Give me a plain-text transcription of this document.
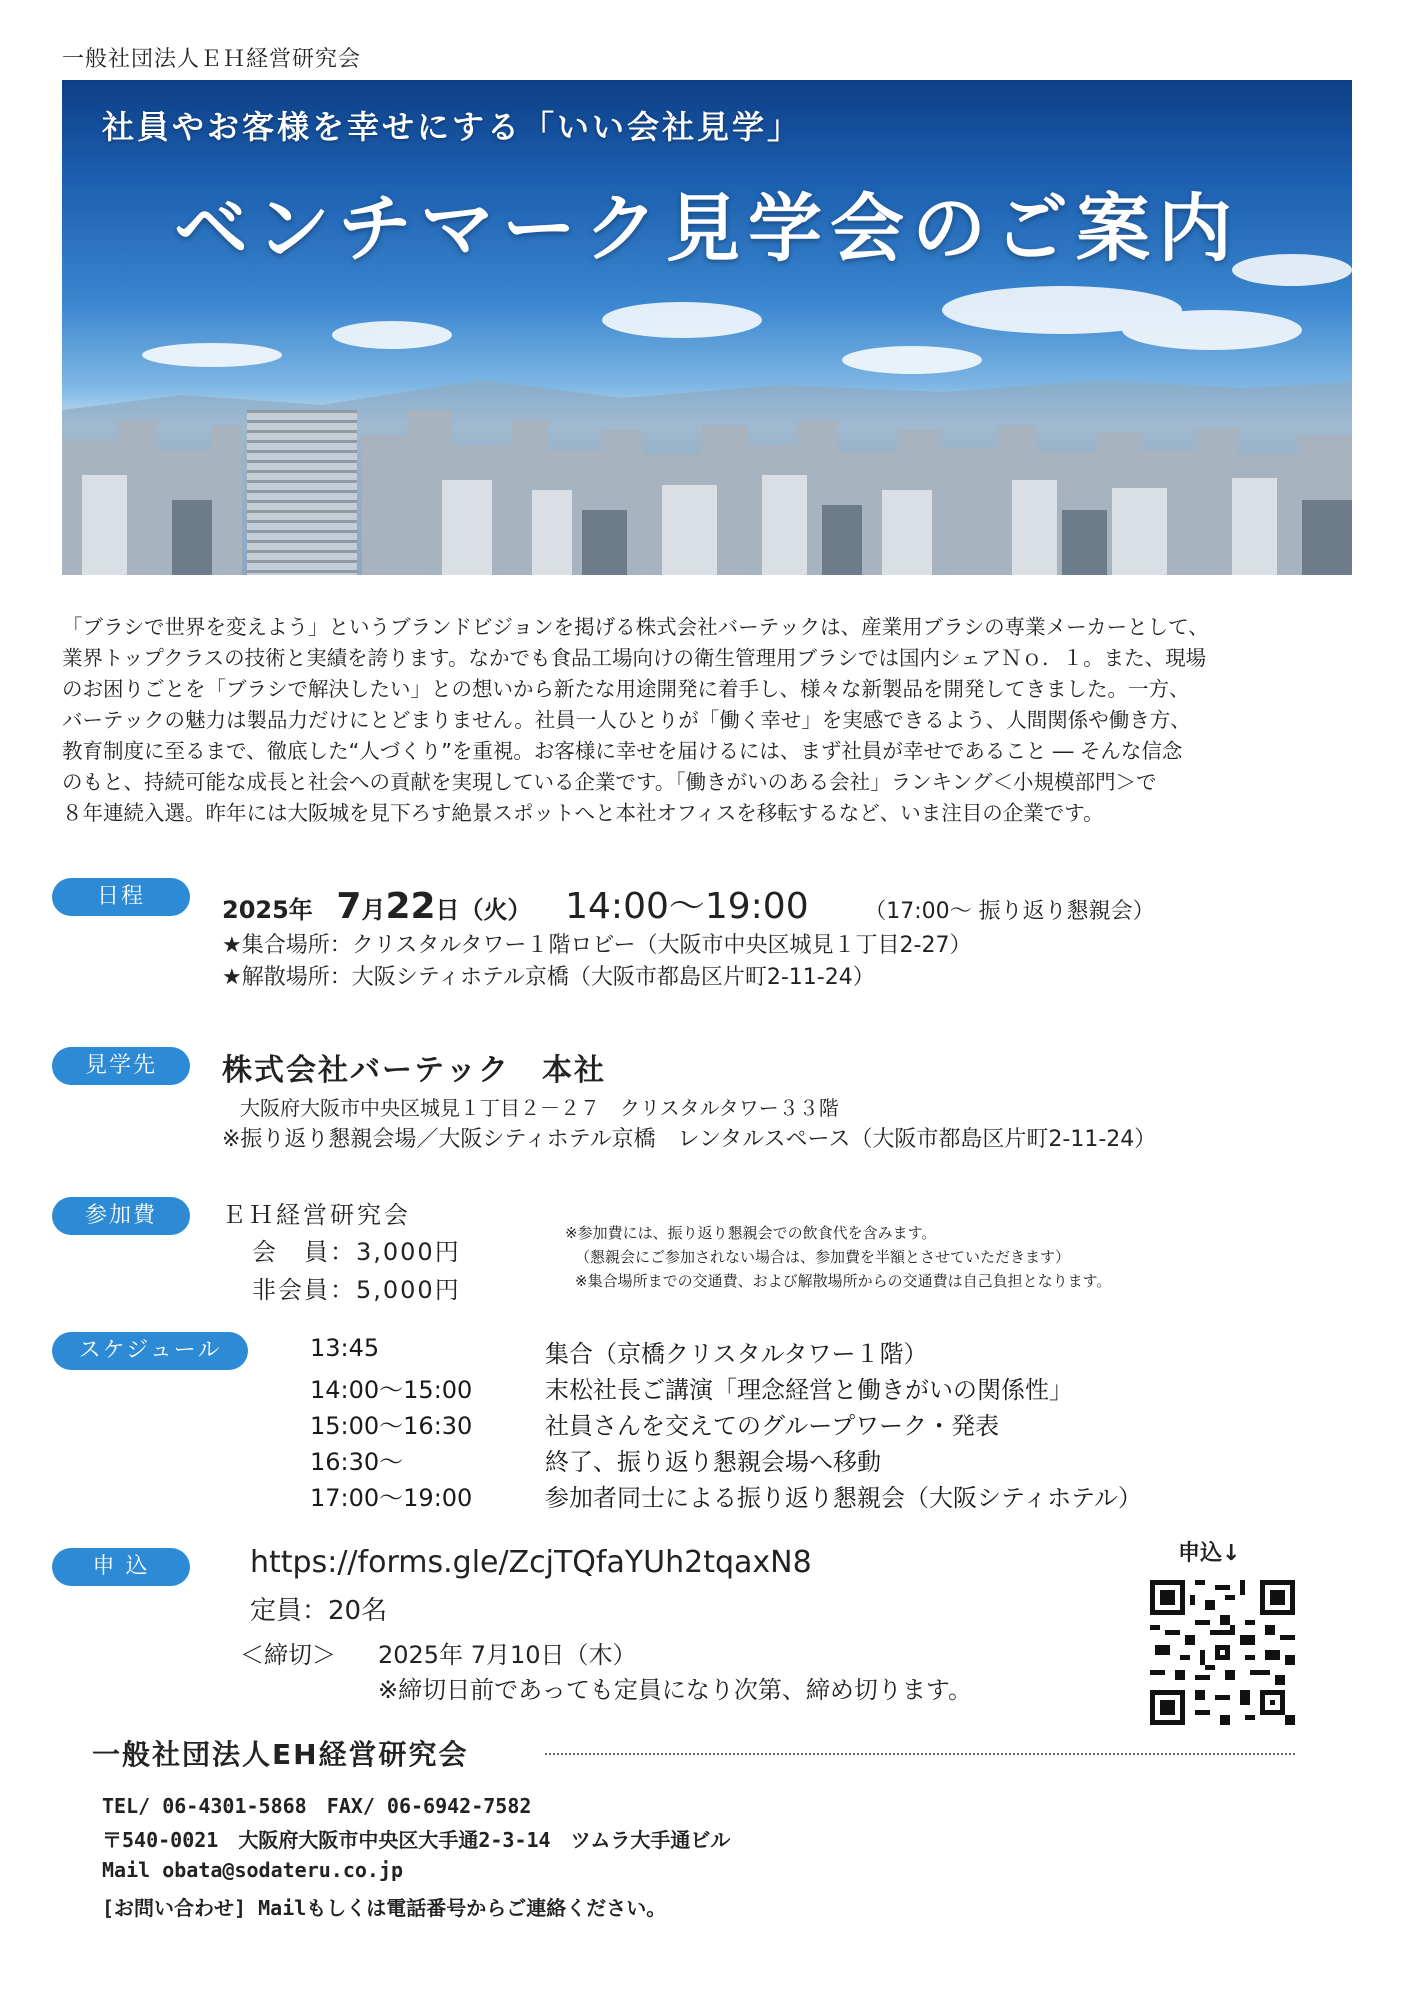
一般社団法人ＥＨ経営研究会
社員やお客様を幸せにする「いい会社見学」
ベンチマーク見学会のご案内
「ブラシで世界を変えよう」というブランドビジョンを掲げる株式会社バーテックは、産業用ブラシの専業メーカーとして、
業界トップクラスの技術と実績を誇ります。なかでも食品工場向けの衛生管理用ブラシでは国内シェアＮｏ．１。また、現場
のお困りごとを「ブラシで解決したい」との想いから新たな用途開発に着手し、様々な新製品を開発してきました。一方、
バーテックの魅力は製品力だけにとどまりません。社員一人ひとりが「働く幸せ」を実感できるよう、人間関係や働き方、
教育制度に至るまで、徹底した“人づくり”を重視。お客様に幸せを届けるには、まず社員が幸せであること ― そんな信念
のもと、持続可能な成長と社会への貢献を実現している企業です。「働きがいのある会社」ランキング＜小規模部門＞で
８年連続入選。昨年には大阪城を見下ろす絶景スポットへと本社オフィスを移転するなど、いま注目の企業です。
日程	2025年 7月22日（火） 14:00〜19:00	（17:00〜 振り返り懇親会）
★集合場所：クリスタルタワー１階ロビー（大阪市中央区城見１丁目2-27）
★解散場所：大阪シティホテル京橋（大阪市都島区片町2-11-24）
見学先	株式会社バーテック　本社
大阪府大阪市中央区城見１丁目２－２７　クリスタルタワー３３階
※振り返り懇親会場／大阪シティホテル京橋　レンタルスペース（大阪市都島区片町2-11-24）
参加費	ＥＨ経営研究会
会　員：3,000円
非会員：5,000円
※参加費には、振り返り懇親会での飲食代を含みます。
（懇親会にご参加されない場合は、参加費を半額とさせていただきます）
※集合場所までの交通費、および解散場所からの交通費は自己負担となります。
スケジュール	13:45	集合（京橋クリスタルタワー１階）
14:00〜15:00	末松社長ご講演「理念経営と働きがいの関係性」
15:00〜16:30	社員さんを交えてのグループワーク・発表
16:30〜	終了、振り返り懇親会場へ移動
17:00〜19:00	参加者同士による振り返り懇親会（大阪シティホテル）
申 込	https://forms.gle/ZcjTQfaYUh2tqaxN8
定員：20名
＜締切＞ 2025年 7月10日（木）
※締切日前であっても定員になり次第、締め切ります。
申込↓
一般社団法人EH経営研究会
TEL/ 06-4301-5868　FAX/ 06-6942-7582
〒540-0021　大阪府大阪市中央区大手通2-3-14　ツムラ大手通ビル
Mail obata@sodateru.co.jp
[お問い合わせ] Mailもしくは電話番号からご連絡ください。
